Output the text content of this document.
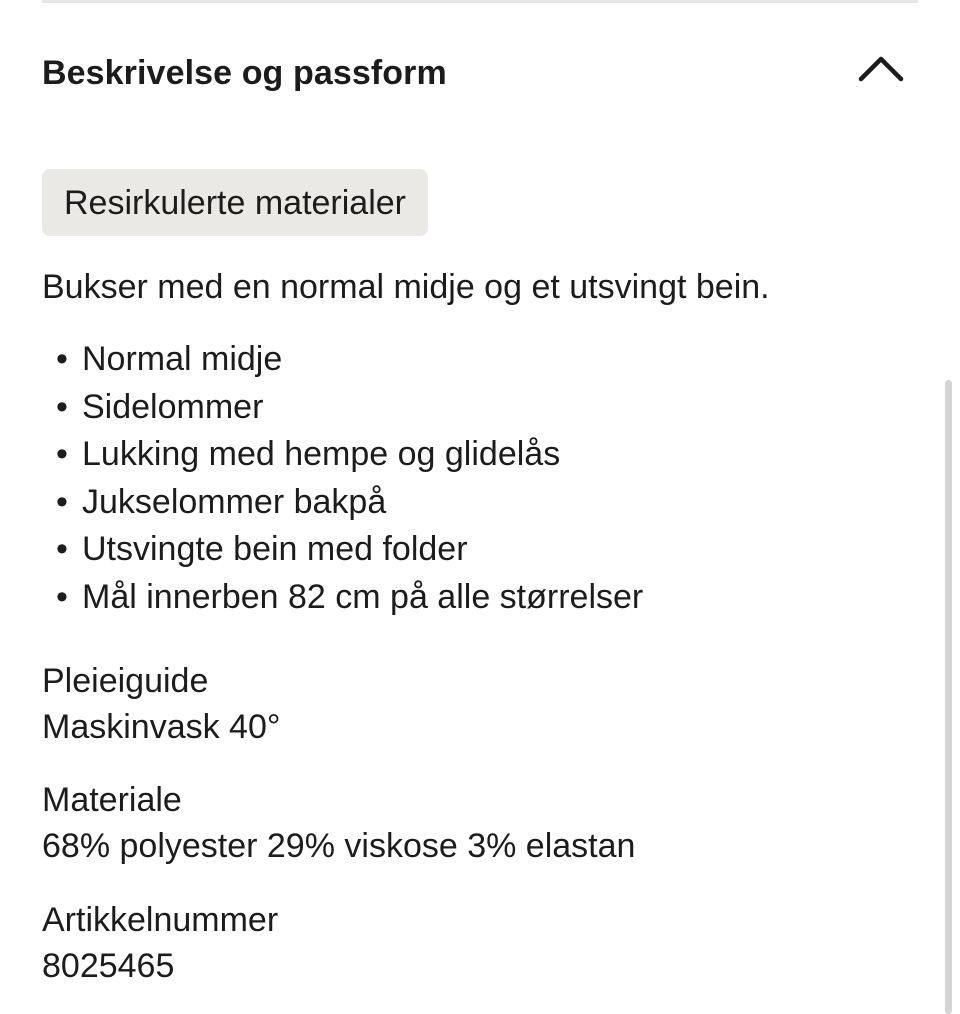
Beskrivelse og passform
Resirkulerte materialer
Bukser med en normal midje og et utsvingt bein.
• Normal midje
• Sidelommer
• Lukking med hempe og glidelås
• Jukselommer bakpå
• Utsvingte bein med folder
• Mål innerben 82 cm på alle størrelser
Pleieiguide
Maskinvask 40°
Materiale
68% polyester 29% viskose 3% elastan
Artikkelnummer
8025465
